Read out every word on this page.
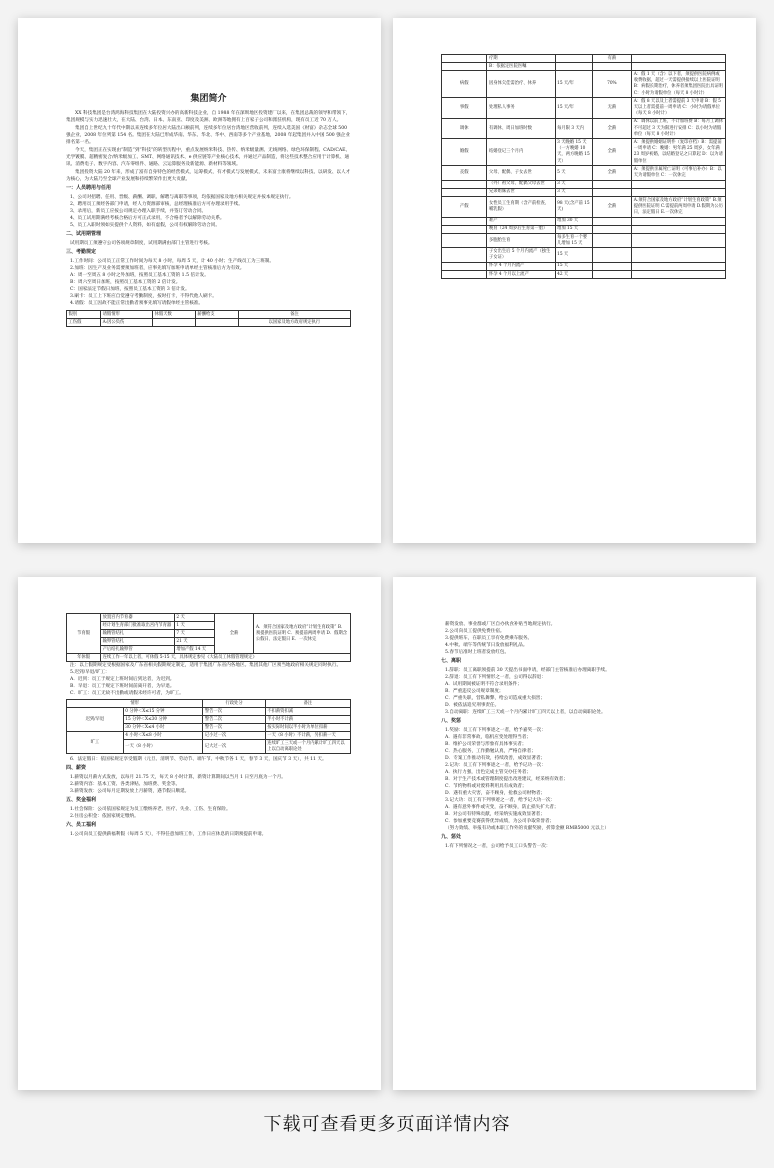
集团简介
XX 科技集团是台湾鸿海科技集团在大陆投资兴办的高新科技企业，自 1988 年在深圳地区投资建厂以来，在集团总裁的领导和带领下，集团规模与实力迅速壮大，在大陆、台湾、日本、东南亚、印度及美洲、欧洲等地拥有上百家子公司和派驻机构，现有员工近 70 万人。
集团自上世纪九十年代中期以来连续多年位居大陆出口额前列，连续多年位居台湾地区营收前列，连续入选美国《财富》杂志全球 500 强企业，2008 年位列第 154 名。集团在大陆已形成华南、华东、华北、华中、西南等多个产业基地，2008 年起集团并入中国 500 强企业排名第一名。
今天，集团正在实现由“制造”到“科技”的转型历程中，重点发展纳米科技、热传、纳米级量测、无线网络、绿色环保制程、CAD/CAE、光学镀膜、超精密复合/纳米级加工、SMT、网络通讯技术、e 供应链等产业核心技术，并通过产品制造，将这些技术整合应用于计算机、通讯、消费电子、数字内容、汽车零组件、通路、云运算服务及新能源、新材料等领域。
集团投资大陆 20 年来，形成了富有自身特色的经营模式，运筹模式，有才模式与发展模式，未来富士康将继续以科技、以研发、以人才为核心，为大陆乃至全球产业发展和持续繁荣作出更大贡献。
一：人员聘用与任用
1、公司对招聘、任用、晋级、薪酬、调职、解聘与离职等事项，均依据国家及地方相关规定并按本规定执行。
2、聘用员工须经各部门申请，经人力资源部审核，总经理核准后方可办理录用手续。
3、录用后，新员工应按公司规定办理入职手续，并签订劳动合同。
4、员工试用期满经考核合格后方可正式录用，不合格者予以解除劳动关系。
5、员工入职时须如实提供个人资料，如有虚假，公司有权解除劳动合同。
二、试用期管理
试用期员工须遵守公司各项规章制度，试用期满由部门主管进行考核。
三、考勤规定
1.工作时间：公司员工正常工作时间为每天 8 小时，每周 5 天，计 40 小时；生产线员工为三班制。
2.加班：因生产及业务需要须加班者，应事先填写加班申请单经主管核准后方为有效。
A：周一至周五 8 小时之外加班，按照员工基本工资的 1.5 倍计发。
B：周六至周日加班，按照员工基本工资的 2 倍计发。
C：国家法定节假日加班，按照员工基本工资的 3 倍计发。
3.刷卡：员工上下班应自觉遵守考勤制度，按时打卡，不得代他人刷卡。
4.请假：员工因故不能正常出勤者须事先填写请假单经主管核准。
假别	请假情形	休假天数	薪酬给支	备注
工伤假	A:因公负伤			以国家及地方政府规定执行
	疗期		有薪	
	B：依据定医院医嘱			
病假	因身体欠佳需治疗、休养	15 天/年	70%	A：假 1 天（含）以下者，须提供医院病例或收费收据，超过一天需提供接续以上医院证明 B：病假长期治疗，休养者须集团医院出具证明 C：小时为请假单位（每天 8 小时计）
事假	处理私人事务	15 天/年	无薪	A：假 8 天以及上者需提前 3 天申请 B：假 5 天以上者需提前一周申请 C：小时为请假单位（每天 8 小时计）
调休	有调休、周日加班时数	每月限 3 天内	全薪	A：调休以前上班，不计加班费 B：每月工调休不可超过 3 天为限进行安排 C：以小时为请假单位（每天 8 小时计）
婚假	结婚登记三个月内	3 天晚婚 15 天（一方晚婚 10 天，两方晚婚 15 天）	全薪	A：须提供婚姻证明件（复印存档）B：需提前一周申请 C：晚婚：男年满 25 周岁，女年满 23 周岁初婚，以结婚登记之日算起 D：以为请假单位
丧假	父母、配偶、子女去世	5 天	全薪	A：须提供亲属死亡证明（可事后补办）B：以天为请假单位 C：一次休完
	（外）祖父母、配偶父母去世	3 天		
	兄弟姐妹去世	3 天		
产假	女性员工生育期（含产前检查、哺乳假）	98 天(含产前 15 天)	全薪	A.须符合国家及地方政府“计划生育政策” B.须提供医院证明 C.需提前两周申请 D.假期为公历日，法定假日 E.一次休完
	难产	增加 30 天		
	晚育（24 周岁后生育第一胎）	增加 15 天		
	多胞胎生育	每多生育一个婴儿增加 15 天		
	子女出生后 5 个月内流产（独生子女证）	15 天		
	怀孕 4 个月内流产	15 天		
	怀孕 4 个月以上流产	42 天		
节育假	放置宫内节育器	2 天	全薪	A．须符合国家及地方政府“计划生育政策” B．须提供医院证明 C．须提前两周申请 D．假期含公假日、法定假日 E．一次休完
	经计划生育部门批准取出宫内节育器	1 天		
	输精管结扎	7 天		
	输卵管结扎	21 天		
	产后结扎输卵管	增加产假 14 天		
年休假	连续工作一年以上者，可休假 5-15 天，具体规定参见《大陆员工休假管理规定》			
注：以上假期规定受根据国家及广东省相关假期规定制定，适用于集团广东省内各地区。集团其他厂区须当地政府相关规定同时执行。
5.迟到/早退/旷工：
A．迟到：员工于规定上班时间后到达者，为迟到。
B．早退：员工于规定下班时间前离开者，为早退。
C．旷工：员工无故不出勤或请假未经许可者，为旷工。
情形		行政处分	备注
迟到/早退	0 分钟＜X≤15 分钟	警告一次	不扣薪资扣减
	15 分钟＜X≤30 分钟	警告二次	半小时不计薪
	30 分钟＜X≤4 小时	警告一次	按实际时间以半小时为单位扣薪
旷工	4 小时＜X≤8 小时	记小过一次	一天（8 小时）不计薪，另扣薪一天
	一天（8 小时）	记大过一次	连续旷工三天或一个月内累计旷工四天以上以自动离职论处
6．法定假日：依国家规定享受假期（元旦、清明节、劳动节、端午节、中秋节各 1 天，春节 3 天，国庆节 3 天），共 11 天。
四、薪资
1.薪资以月薪方式发放，以每月 21.75 天，每天 8 小时计算，新资计算期间以当月 1 日至月底为一个月。
2.薪资内容：基本工资、各类津贴、加班费、奖金等。
3.薪资发放：公司每月定期发放上月薪资，遇节假日顺延。
五、奖金福利
1.社会保险：公司依国家规定为员工缴纳养老、医疗、失业、工伤、生育保险。
2.住房公积金：依国家规定缴纳。
六、员工福利
1.公司向员工提供薪福利假（每周 5 天），不得任意加班工作，工作日应休息的日期须提前申请。
薪资发放、事业群或厂区自办伙食补贴当地规定执行。
2.公司向员工提供免费住宿。
3.提供班车，在职员工享有免费乘车服务。
4.中秋、端午等传统节日发放福利礼品。
5.春节后准时上班者发放红包。
七、离职
1.辞职：员工离职须提前 30 天提出书面申请，经部门主管核准后办理离职手续。
2.辞退：员工有下列情形之一者，公司得以辞退：
A．试用期间被证明不符合录用条件；
B．严重违反公司规章制度；
C．严重失职，营私舞弊，给公司造成重大损害；
D．被依法追究刑事责任。
3.自动离职：连续旷工三天或一个月内累计旷工四天以上者，以自动离职论处。
八、奖惩
1.奖励：员工有下列事迹之一者，给予嘉奖一次：
A．遇有非常事故，临机应变处理得当者；
B．维护公司荣誉与形象有具体事实者；
C．热心服务，工作勤勉认真，严格自律者；
D．专案工作推动有效，持续改善，成效显著者；
2.记功：员工有下列事迹之一者，给予记功一次：
A．执行力强，出色完成主管交办任务者；
B．对于生产技术或管理制度提出改进建议，经采纳有效者；
C．节约物料或对废料利用具有成效者；
D．遇有重大灾害，奋不顾身，抢救公司财物者；
3.记大功：员工有下列事迹之一者，给予记大功一次：
A．遇有意外事件或灾变，奋不顾身，防止损失扩大者；
B．对公司有特殊贡献，经采纳实施成效显著者；
C．参加重要竞赛获得优异成绩，为公司争取荣誉者；
（努力效绩、举报有功或本职工作外的贡献奖励，折算金额 RMB5000 元以上）
九、惩处
1.有下列情况之一者，公司给予员工口头警告一次：
下载可查看更多页面详情内容
